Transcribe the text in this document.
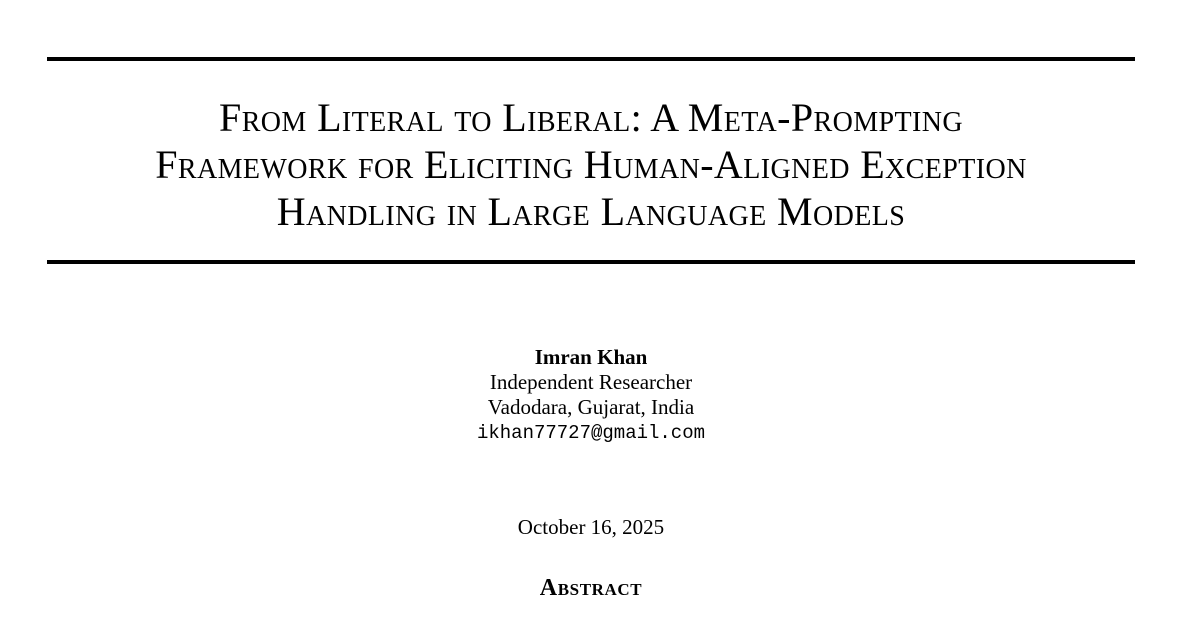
From Literal to Liberal: A Meta-Prompting
Framework for Eliciting Human-Aligned Exception
Handling in Large Language Models
Imran Khan
Independent Researcher
Vadodara, Gujarat, India
ikhan77727@gmail.com
October 16, 2025
Abstract
